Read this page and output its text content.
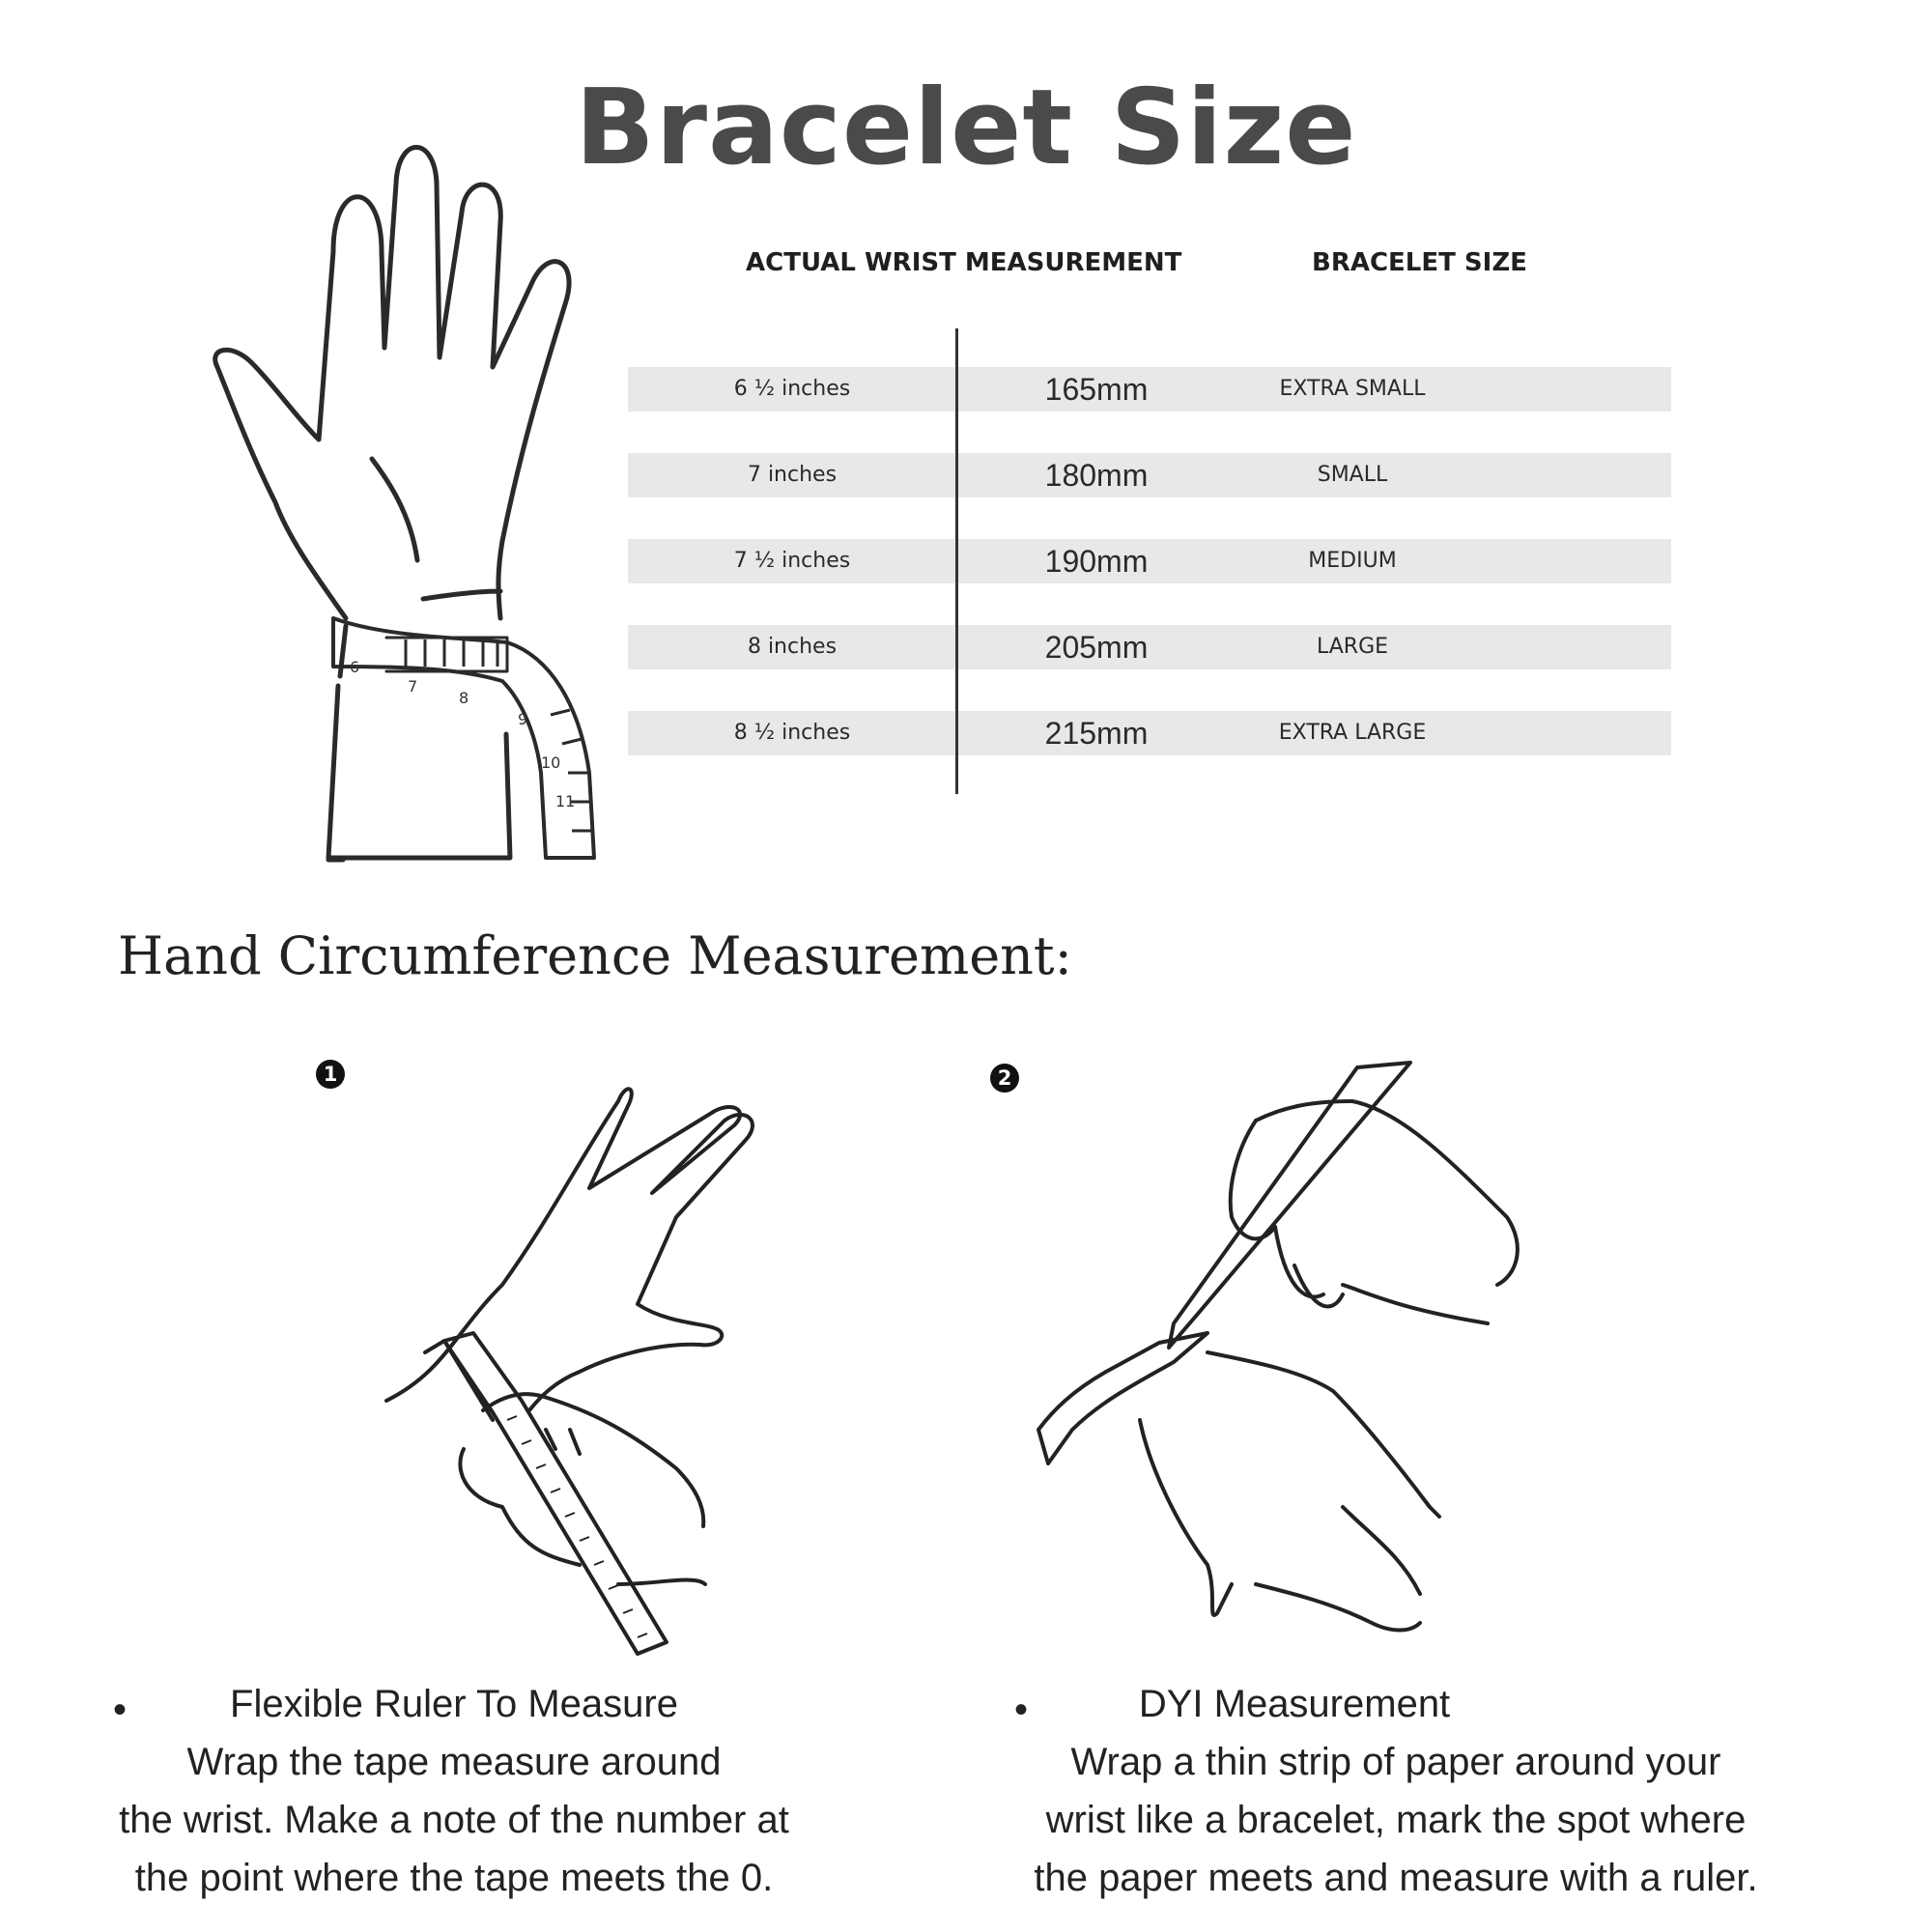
Bracelet Size
6
7
8
9
10
11
ACTUAL WRIST MEASUREMENT	BRACELET SIZE
6 ½ inches	165mm	EXTRA SMALL
7 inches	180mm	SMALL
7 ½ inches	190mm	MEDIUM
8 inches	205mm	LARGE
8 ½ inches	215mm	EXTRA LARGE
Hand Circumference Measurement:
1	2
•	Flexible Ruler To Measure
Wrap the tape measure around
the wrist. Make a note of the number at
the point where the tape meets the 0.
•	DYI Measurement
Wrap a thin strip of paper around your
wrist like a bracelet, mark the spot where
the paper meets and measure with a ruler.
